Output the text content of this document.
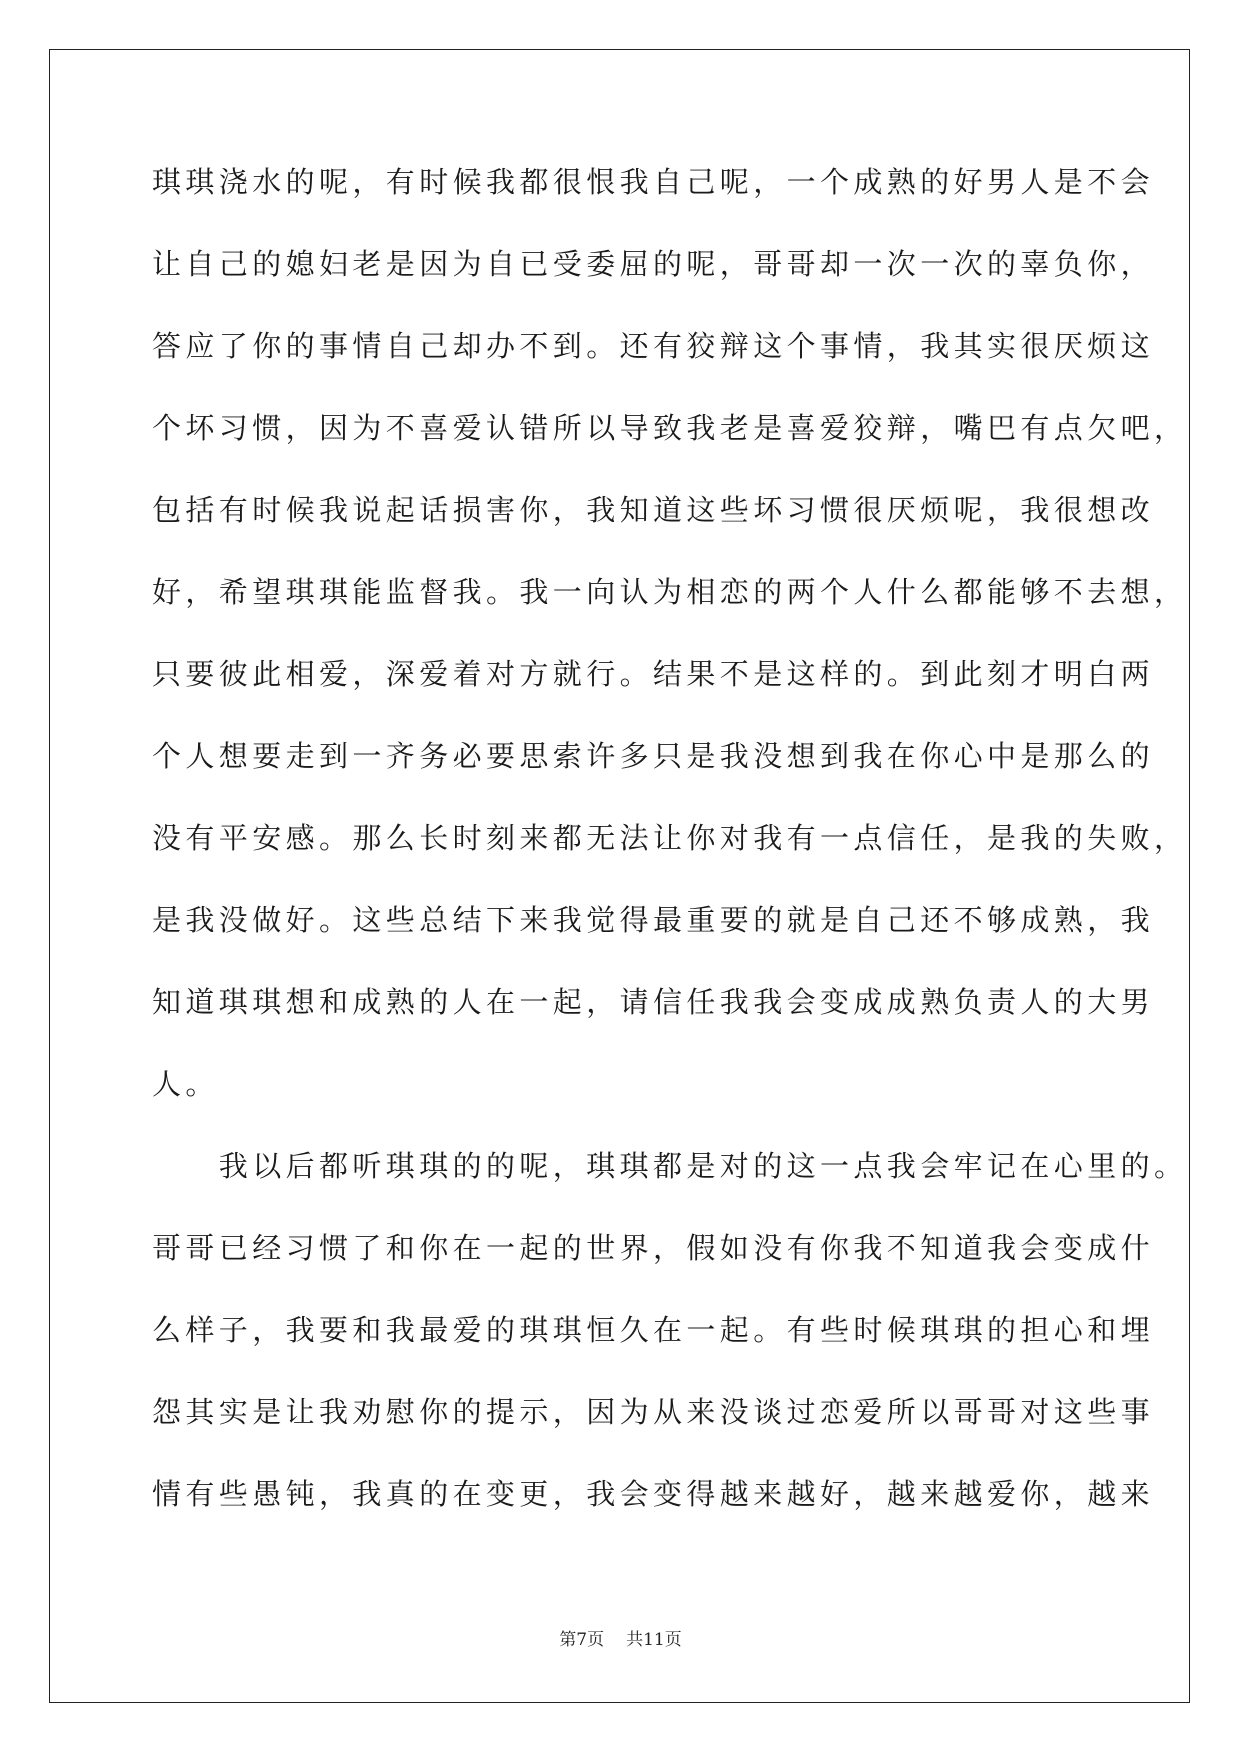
琪琪浇水的呢，有时候我都很恨我自己呢，一个成熟的好男人是不会
让自己的媳妇老是因为自已受委屈的呢，哥哥却一次一次的辜负你，
答应了你的事情自己却办不到。还有狡辩这个事情，我其实很厌烦这
个坏习惯，因为不喜爱认错所以导致我老是喜爱狡辩，嘴巴有点欠吧，
包括有时候我说起话损害你，我知道这些坏习惯很厌烦呢，我很想改
好，希望琪琪能监督我。我一向认为相恋的两个人什么都能够不去想，
只要彼此相爱，深爱着对方就行。结果不是这样的。到此刻才明白两
个人想要走到一齐务必要思索许多只是我没想到我在你心中是那么的
没有平安感。那么长时刻来都无法让你对我有一点信任，是我的失败，
是我没做好。这些总结下来我觉得最重要的就是自己还不够成熟，我
知道琪琪想和成熟的人在一起，请信任我我会变成成熟负责人的大男
人。
　　我以后都听琪琪的的呢，琪琪都是对的这一点我会牢记在心里的。
哥哥已经习惯了和你在一起的世界，假如没有你我不知道我会变成什
么样子，我要和我最爱的琪琪恒久在一起。有些时候琪琪的担心和埋
怨其实是让我劝慰你的提示，因为从来没谈过恋爱所以哥哥对这些事
情有些愚钝，我真的在变更，我会变得越来越好，越来越爱你，越来
第7页 共11页
